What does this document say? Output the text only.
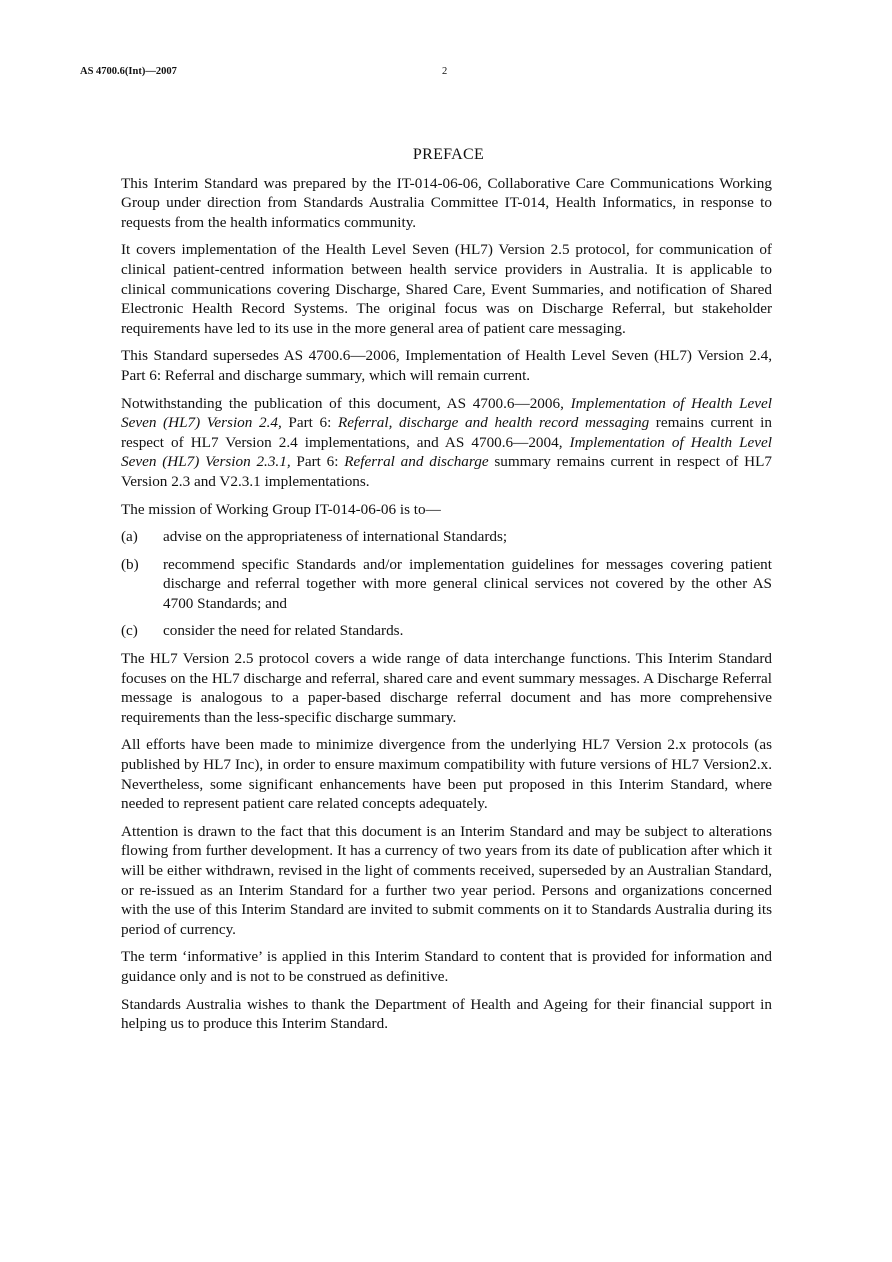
AS 4700.6(Int)—2007	2
PREFACE

This Interim Standard was prepared by the IT-014-06-06, Collaborative Care Communications Working Group under direction from Standards Australia Committee IT-014, Health Informatics, in response to requests from the health informatics community.

It covers implementation of the Health Level Seven (HL7) Version 2.5 protocol, for communication of clinical patient-centred information between health service providers in Australia. It is applicable to clinical communications covering Discharge, Shared Care, Event Summaries, and notification of Shared Electronic Health Record Systems. The original focus was on Discharge Referral, but stakeholder requirements have led to its use in the more general area of patient care messaging.

This Standard supersedes AS 4700.6—2006, Implementation of Health Level Seven (HL7) Version 2.4, Part 6: Referral and discharge summary, which will remain current.

Notwithstanding the publication of this document, AS 4700.6—2006, Implementation of Health Level Seven (HL7) Version 2.4, Part 6: Referral, discharge and health record messaging remains current in respect of HL7 Version 2.4 implementations, and AS 4700.6—2004, Implementation of Health Level Seven (HL7) Version 2.3.1, Part 6: Referral and discharge summary remains current in respect of HL7 Version 2.3 and V2.3.1 implementations.

The mission of Working Group IT-014-06-06 is to—

(a)	advise on the appropriateness of international Standards;
(b)	recommend specific Standards and/or implementation guidelines for messages covering patient discharge and referral together with more general clinical services not covered by the other AS 4700 Standards; and
(c)	consider the need for related Standards.

The HL7 Version 2.5 protocol covers a wide range of data interchange functions. This Interim Standard focuses on the HL7 discharge and referral, shared care and event summary messages. A Discharge Referral message is analogous to a paper-based discharge referral document and has more comprehensive requirements than the less-specific discharge summary.

All efforts have been made to minimize divergence from the underlying HL7 Version 2.x protocols (as published by HL7 Inc), in order to ensure maximum compatibility with future versions of HL7 Version2.x. Nevertheless, some significant enhancements have been put proposed in this Interim Standard, where needed to represent patient care related concepts adequately.

Attention is drawn to the fact that this document is an Interim Standard and may be subject to alterations flowing from further development. It has a currency of two years from its date of publication after which it will be either withdrawn, revised in the light of comments received, superseded by an Australian Standard, or re-issued as an Interim Standard for a further two year period. Persons and organizations concerned with the use of this Interim Standard are invited to submit comments on it to Standards Australia during its period of currency.

The term ‘informative’ is applied in this Interim Standard to content that is provided for information and guidance only and is not to be construed as definitive.

Standards Australia wishes to thank the Department of Health and Ageing for their financial support in helping us to produce this Interim Standard.
